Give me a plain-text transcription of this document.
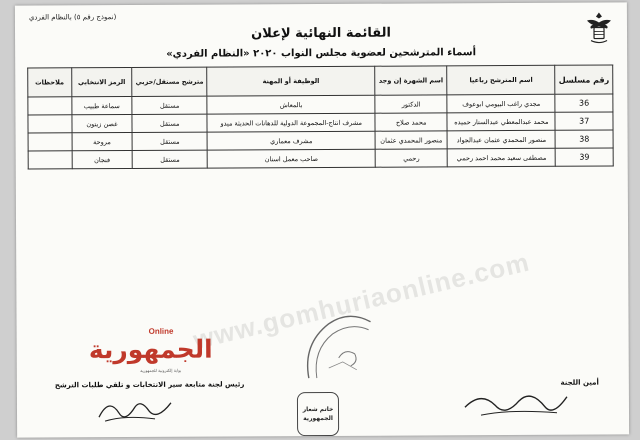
(نموذج رقم ٥) بالنظام الفردي
القائمة النهائية لإعلان
أسماء المترشحين لعضوية مجلس النواب ٢٠٢٠ «النظام الفردي»
رقم مسلسل	اسم المترشح رباعيا	اسم الشهرة إن وجد	الوظيفة أو المهنة	مترشح مستقل/حزبي	الرمز الانتخابي	ملاحظات
36	مجدي راغب البيومي ابوعوف	الدكتور	بالمعاش	مستقل	سماعة طبيب	
37	محمد عبدالمعطي عبدالستار حميده	محمد صلاح	مشرف انتاج-المجموعة الدولية للدهانات الحديثة ميدو	مستقل	غصن زيتون	
38	منصور المحمدي عثمان عبدالجواد	منصور المحمدي عثمان	مشرف معماري	مستقل	مروحة	
39	مصطفى سعيد محمد احمد رحمي	رحمي	صاحب معمل اسنان	مستقل	فنجان	
www.gomhuriaonline.com
Online
الجمهورية
بوابة إلكترونية للجمهورية
خاتم شعار
الجمهورية
رئيس لجنة متابعة سير الانتخابات و تلقي طلبات الترشح	أمين اللجنة
